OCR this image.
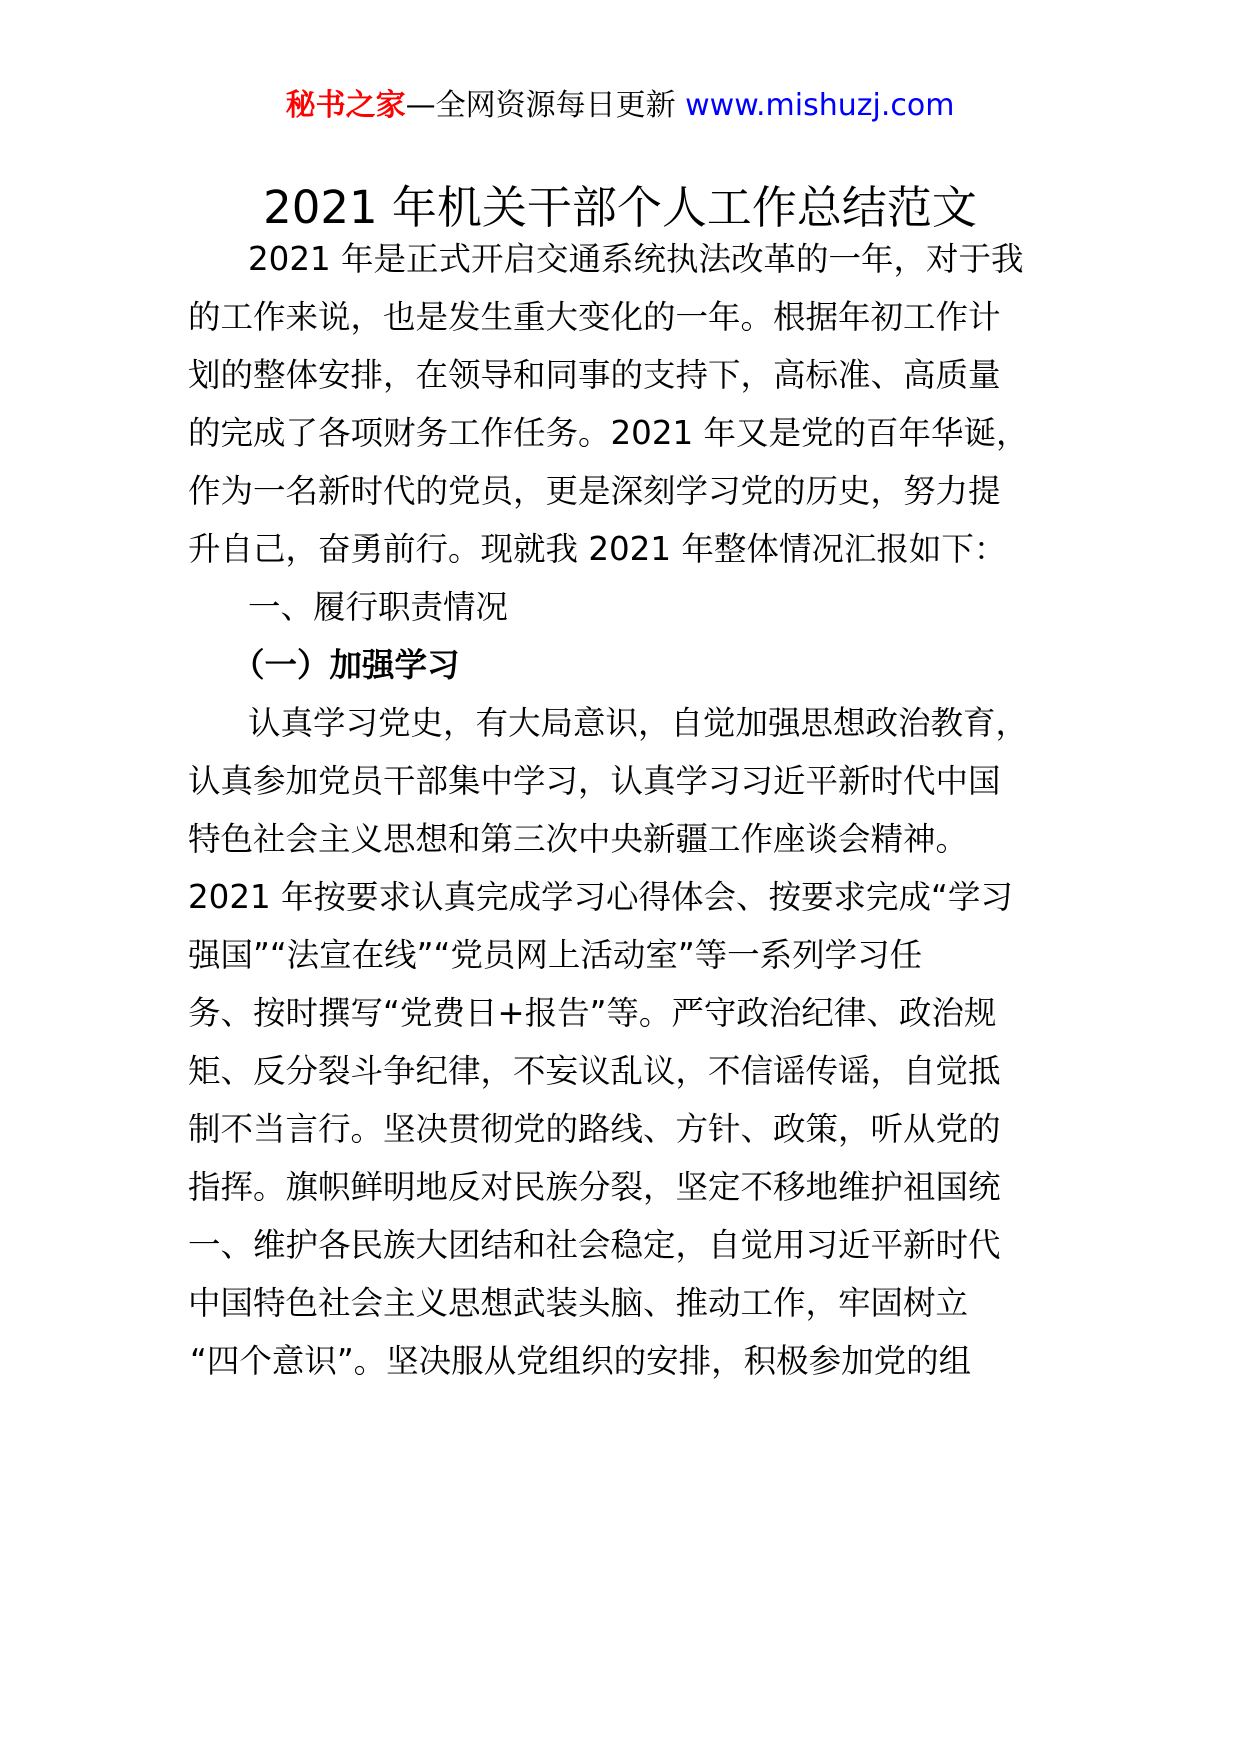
秘书之家—全网资源每日更新 www.mishuzj.com
2021 年机关干部个人工作总结范文
2021 年是正式开启交通系统执法改革的一年，对于我
的工作来说，也是发生重大变化的一年。根据年初工作计
划的整体安排，在领导和同事的支持下，高标准、高质量
的完成了各项财务工作任务。2021 年又是党的百年华诞，
作为一名新时代的党员，更是深刻学习党的历史，努力提
升自己，奋勇前行。现就我 2021 年整体情况汇报如下：
一、履行职责情况
（一）加强学习
认真学习党史，有大局意识，自觉加强思想政治教育，
认真参加党员干部集中学习，认真学习习近平新时代中国
特色社会主义思想和第三次中央新疆工作座谈会精神。
2021 年按要求认真完成学习心得体会、按要求完成“学习
强国”“法宣在线”“党员网上活动室”等一系列学习任
务、按时撰写“党费日+报告”等。严守政治纪律、政治规
矩、反分裂斗争纪律，不妄议乱议，不信谣传谣，自觉抵
制不当言行。坚决贯彻党的路线、方针、政策，听从党的
指挥。旗帜鲜明地反对民族分裂，坚定不移地维护祖国统
一、维护各民族大团结和社会稳定，自觉用习近平新时代
中国特色社会主义思想武装头脑、推动工作，牢固树立
“四个意识”。坚决服从党组织的安排，积极参加党的组
